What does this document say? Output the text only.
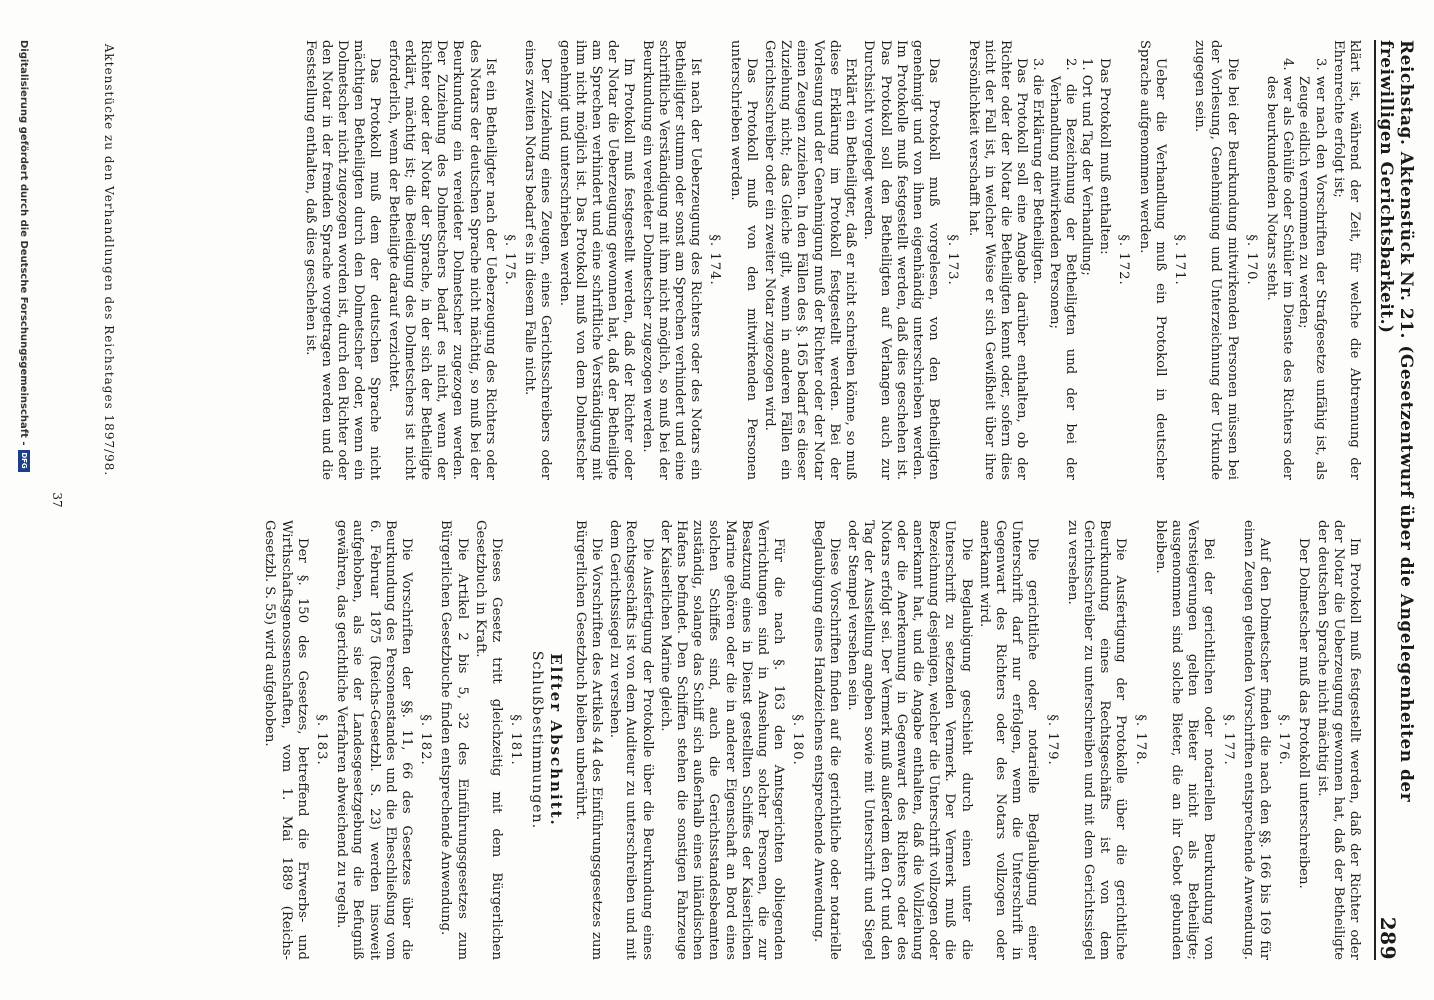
Reichstag. Aktenstück Nr. 21. (Gesetzentwurf über die Angelegenheiten der freiwilligen Gerichtsbarkeit.)
289

klärt ist, während der Zeit, für welche die Abtrennung der Ehrenrechte erfolgt ist;

3. wer nach den Vorschriften der Strafgesetze unfähig ist, als Zeuge eidlich vernommen zu werden;
4. wer als Gehülfe oder Schüler im Dienste des Richters oder des beurkundenden Notars steht.
§. 170.

Die bei der Beurkundung mitwirkenden Personen müssen bei der Vorlesung, Genehmigung und Unterzeichnung der Urkunde zugegen sein.

§. 171.

Ueber die Verhandlung muß ein Protokoll in deutscher Sprache aufgenommen werden.

§. 172.

Das Protokoll muß enthalten:

1. Ort und Tag der Verhandlung;
2. die Bezeichnung der Betheiligten und der bei der Verhandlung mitwirkenden Personen;
3. die Erklärung der Betheiligten.

Das Protokoll soll eine Angabe darüber enthalten, ob der Richter oder der Notar die Betheiligten kennt oder, sofern dies nicht der Fall ist, in welcher Weise er sich Gewißheit über ihre Persönlichkeit verschafft hat.

§. 173.

Das Protokoll muß vorgelesen, von den Betheiligten genehmigt und von ihnen eigenhändig unterschrieben werden. Im Protokolle muß festgestellt werden, daß dies geschehen ist. Das Protokoll soll den Betheiligten auf Verlangen auch zur Durchsicht vorgelegt werden.

Erklärt ein Betheiligter, daß er nicht schreiben könne, so muß diese Erklärung im Protokoll festgestellt werden. Bei der Vorlesung und der Genehmigung muß der Richter oder der Notar einen Zeugen zuziehen. In den Fällen des §. 165 bedarf es dieser Zuziehung nicht; das Gleiche gilt, wenn in anderen Fällen ein Gerichtsschreiber oder ein zweiter Notar zugezogen wird.

Das Protokoll muß von den mitwirkenden Personen unterschrieben werden.

§. 174.

Ist nach der Ueberzeugung des Richters oder des Notars ein Betheiligter stumm oder sonst am Sprechen verhindert und eine schriftliche Verständigung mit ihm nicht möglich, so muß bei der Beurkundung ein vereideter Dolmetscher zugezogen werden.

Im Protokoll muß festgestellt werden, daß der Richter oder der Notar die Ueberzeugung gewonnen hat, daß der Betheiligte am Sprechen verhindert und eine schriftliche Verständigung mit ihm nicht möglich ist. Das Protokoll muß von dem Dolmetscher genehmigt und unterschrieben werden.

Der Zuziehung eines Zeugen, eines Gerichtsschreibers oder eines zweiten Notars bedarf es in diesem Falle nicht.

§. 175.

Ist ein Betheiligter nach der Ueberzeugung des Richters oder des Notars der deutschen Sprache nicht mächtig, so muß bei der Beurkundung ein vereideter Dolmetscher zugezogen werden. Der Zuziehung des Dolmetschers bedarf es nicht, wenn der Richter oder der Notar der Sprache, in der sich der Betheiligte erklärt, mächtig ist; die Beeidigung des Dolmetschers ist nicht erforderlich, wenn der Betheiligte darauf verzichtet.

Das Protokoll muß dem der deutschen Sprache nicht mächtigen Betheiligten durch den Dolmetscher oder, wenn ein Dolmetscher nicht zugezogen worden ist, durch den Richter oder den Notar in der fremden Sprache vorgetragen werden und die Feststellung enthalten, daß dies geschehen ist.

Im Protokoll muß festgestellt werden, daß der Richter oder der Notar die Ueberzeugung gewonnen hat, daß der Betheiligte der deutschen Sprache nicht mächtig ist.

Der Dolmetscher muß das Protokoll unterschreiben.

§. 176.

Auf den Dolmetscher finden die nach den §§. 166 bis 169 für einen Zeugen geltenden Vorschriften entsprechende Anwendung.

§. 177.

Bei der gerichtlichen oder notariellen Beurkundung von Versteigerungen gelten Bieter nicht als Betheiligte; ausgenommen sind solche Bieter, die an ihr Gebot gebunden bleiben.

§. 178.

Die Ausfertigung der Protokolle über die gerichtliche Beurkundung eines Rechtsgeschäfts ist von dem Gerichtsschreiber zu unterschreiben und mit dem Gerichtssiegel zu versehen.

§. 179.

Die gerichtliche oder notarielle Beglaubigung einer Unterschrift darf nur erfolgen, wenn die Unterschrift in Gegenwart des Richters oder des Notars vollzogen oder anerkannt wird.

Die Beglaubigung geschieht durch einen unter die Unterschrift zu setzenden Vermerk. Der Vermerk muß die Bezeichnung desjenigen, welcher die Unterschrift vollzogen oder anerkannt hat, und die Angabe enthalten, daß die Vollziehung oder die Anerkennung in Gegenwart des Richters oder des Notars erfolgt sei. Der Vermerk muß außerdem den Ort und den Tag der Ausstellung angeben sowie mit Unterschrift und Siegel oder Stempel versehen sein.

Diese Vorschriften finden auf die gerichtliche oder notarielle Beglaubigung eines Handzeichens entsprechende Anwendung.

§. 180.

Für die nach §. 163 den Amtsgerichten obliegenden Verrichtungen sind in Ansehung solcher Personen, die zur Besatzung eines in Dienst gestellten Schiffes der Kaiserlichen Marine gehören oder die in anderer Eigenschaft an Bord eines solchen Schiffes sind, auch die Gerichtsstandesbeamten zuständig, solange das Schiff sich außerhalb eines inländischen Hafens befindet. Den Schiffen stehen die sonstigen Fahrzeuge der Kaiserlichen Marine gleich.

Die Ausfertigung der Protokolle über die Beurkundung eines Rechtsgeschäfts ist von dem Auditeur zu unterschreiben und mit dem Gerichtssiegel zu versehen.

Die Vorschriften des Artikels 44 des Einführungsgesetzes zum Bürgerlichen Gesetzbuch bleiben unberührt.

Elfter Abschnitt.
Schlußbestimmungen.
§. 181.

Dieses Gesetz tritt gleichzeitig mit dem Bürgerlichen Gesetzbuch in Kraft.

Die Artikel 2 bis 5, 32 des Einführungsgesetzes zum Bürgerlichen Gesetzbuche finden entsprechende Anwendung.

§. 182.

Die Vorschriften der §§. 11, 66 des Gesetzes über die Beurkundung des Personenstandes und die Eheschließung vom 6. Februar 1875 (Reichs-Gesetzbl. S. 23) werden insoweit aufgehoben, als sie der Landesgesetzgebung die Befugniß gewähren, das gerichtliche Verfahren abweichend zu regeln.

§. 183.

Der §. 150 des Gesetzes, betreffend die Erwerbs- und Wirthschaftsgenossenschaften, vom 1. Mai 1889 (Reichs-Gesetzbl. S. 55) wird aufgehoben.

Aktenstücke zu den Verhandlungen des Reichstages 1897/98.
37
Digitalisierung gefördert durch die Deutsche Forschungsgemeinschaft -
DFG
